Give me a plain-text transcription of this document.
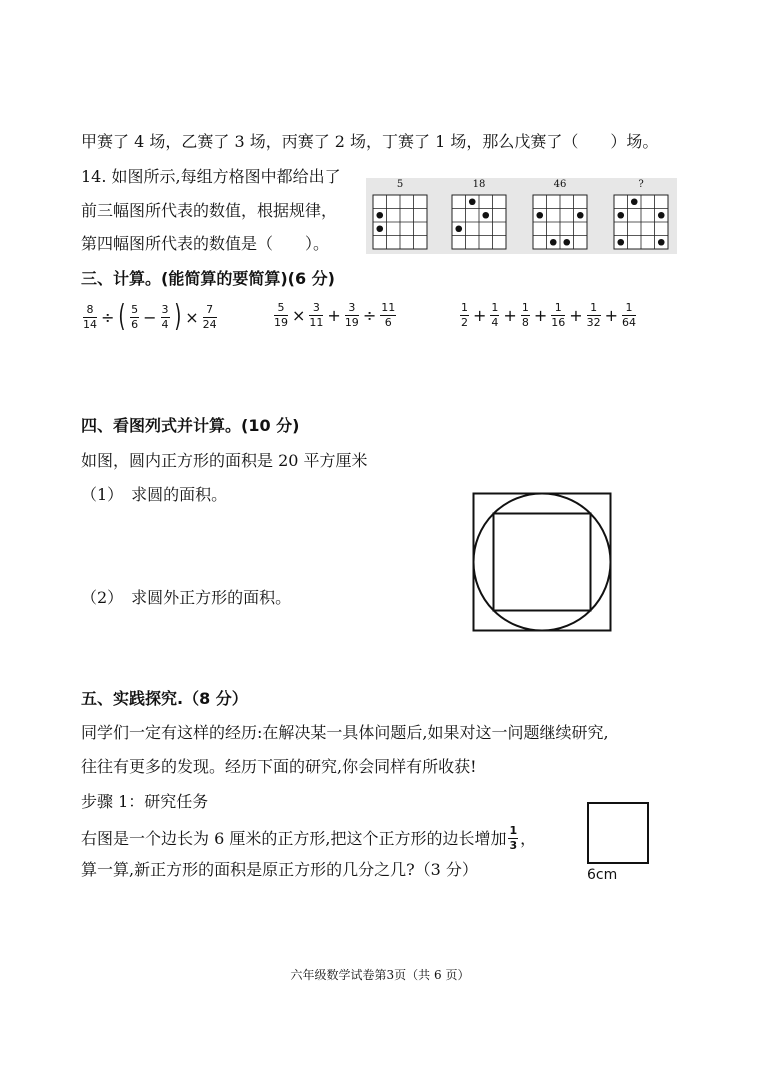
甲赛了 4 场，乙赛了 3 场，丙赛了 2 场，丁赛了 1 场，那么戊赛了（　　）场。
14. 如图所示,每组方格图中都给出了
前三幅图所代表的数值，根据规律，
第四幅图所代表的数值是（　　）。
5	18	46	?
三、计算。(能简算的要简算)(6 分)
$\frac{8}{14}$ ÷ ( $\frac{5}{6} - \frac{3}{4}$ ) × $\frac{7}{24}$	$\frac{5}{19} \times \frac{3}{11} + \frac{3}{19} \div \frac{11}{6}$	$\frac{1}{2} + \frac{1}{4} + \frac{1}{8} + \frac{1}{16} + \frac{1}{32} + \frac{1}{64}$
四、看图列式并计算。(10 分)
如图，圆内正方形的面积是 20 平方厘米
（1）　求圆的面积。
（2）　求圆外正方形的面积。
五、实践探究.（8 分）
同学们一定有这样的经历:在解决某一具体问题后,如果对这一问题继续研究,
往往有更多的发现。经历下面的研究,你会同样有所收获!
步骤 1：研究任务
右图是一个边长为 6 厘米的正方形,把这个正方形的边长增加 $\frac{1}{3}$ ，
算一算,新正方形的面积是原正方形的几分之几?（3 分）	6cm
六年级数学试卷第3页（共 6 页）
